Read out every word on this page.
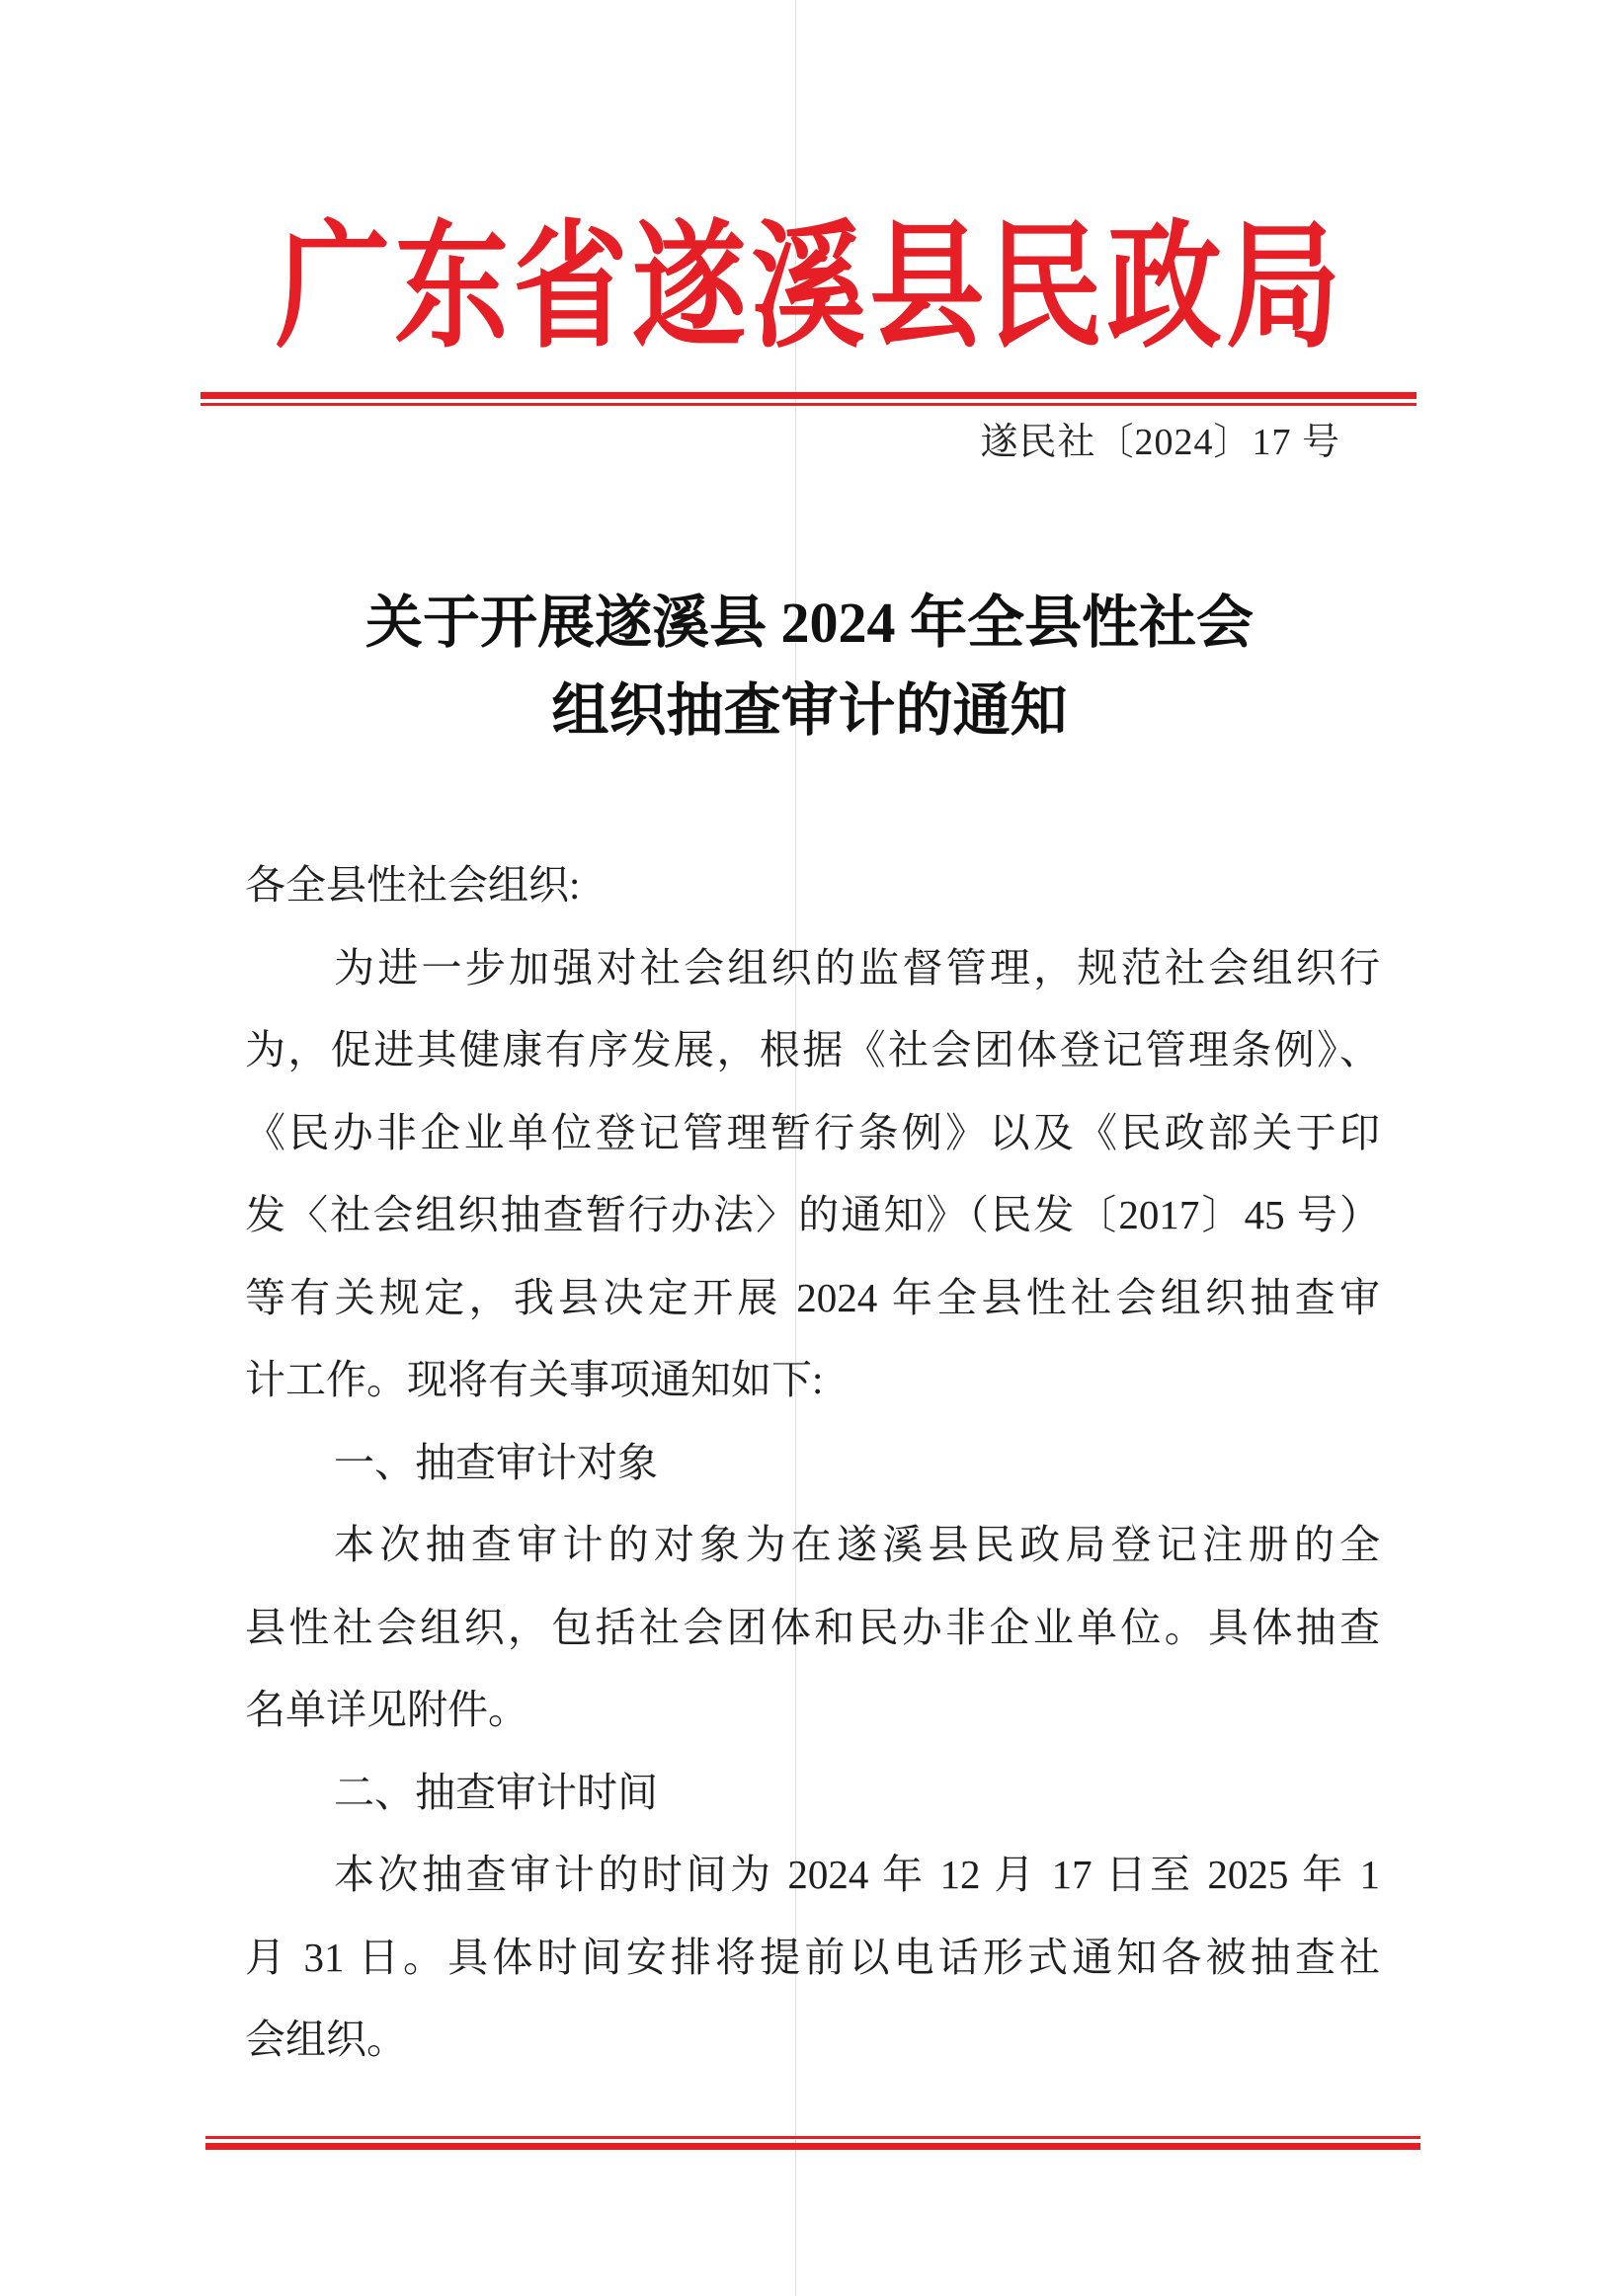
广东省遂溪县民政局
遂民社〔2024〕17 号
关于开展遂溪县 2024 年全县性社会
组织抽查审计的通知
各全县性社会组织:
为进一步加强对社会组织的监督管理，规范社会组织行
为，促进其健康有序发展，根据《社会团体登记管理条例》、
《民办非企业单位登记管理暂行条例》以及《民政部关于印
发〈社会组织抽查暂行办法〉的通知》（民发〔2017〕45 号）
等有关规定，我县决定开展 2024 年全县性社会组织抽查审
计工作。现将有关事项通知如下:
一、抽查审计对象
本次抽查审计的对象为在遂溪县民政局登记注册的全
县性社会组织，包括社会团体和民办非企业单位。具体抽查
名单详见附件。
二、抽查审计时间
本次抽查审计的时间为 2024 年 12 月 17 日至 2025 年 1
月 31 日。具体时间安排将提前以电话形式通知各被抽查社
会组织。
